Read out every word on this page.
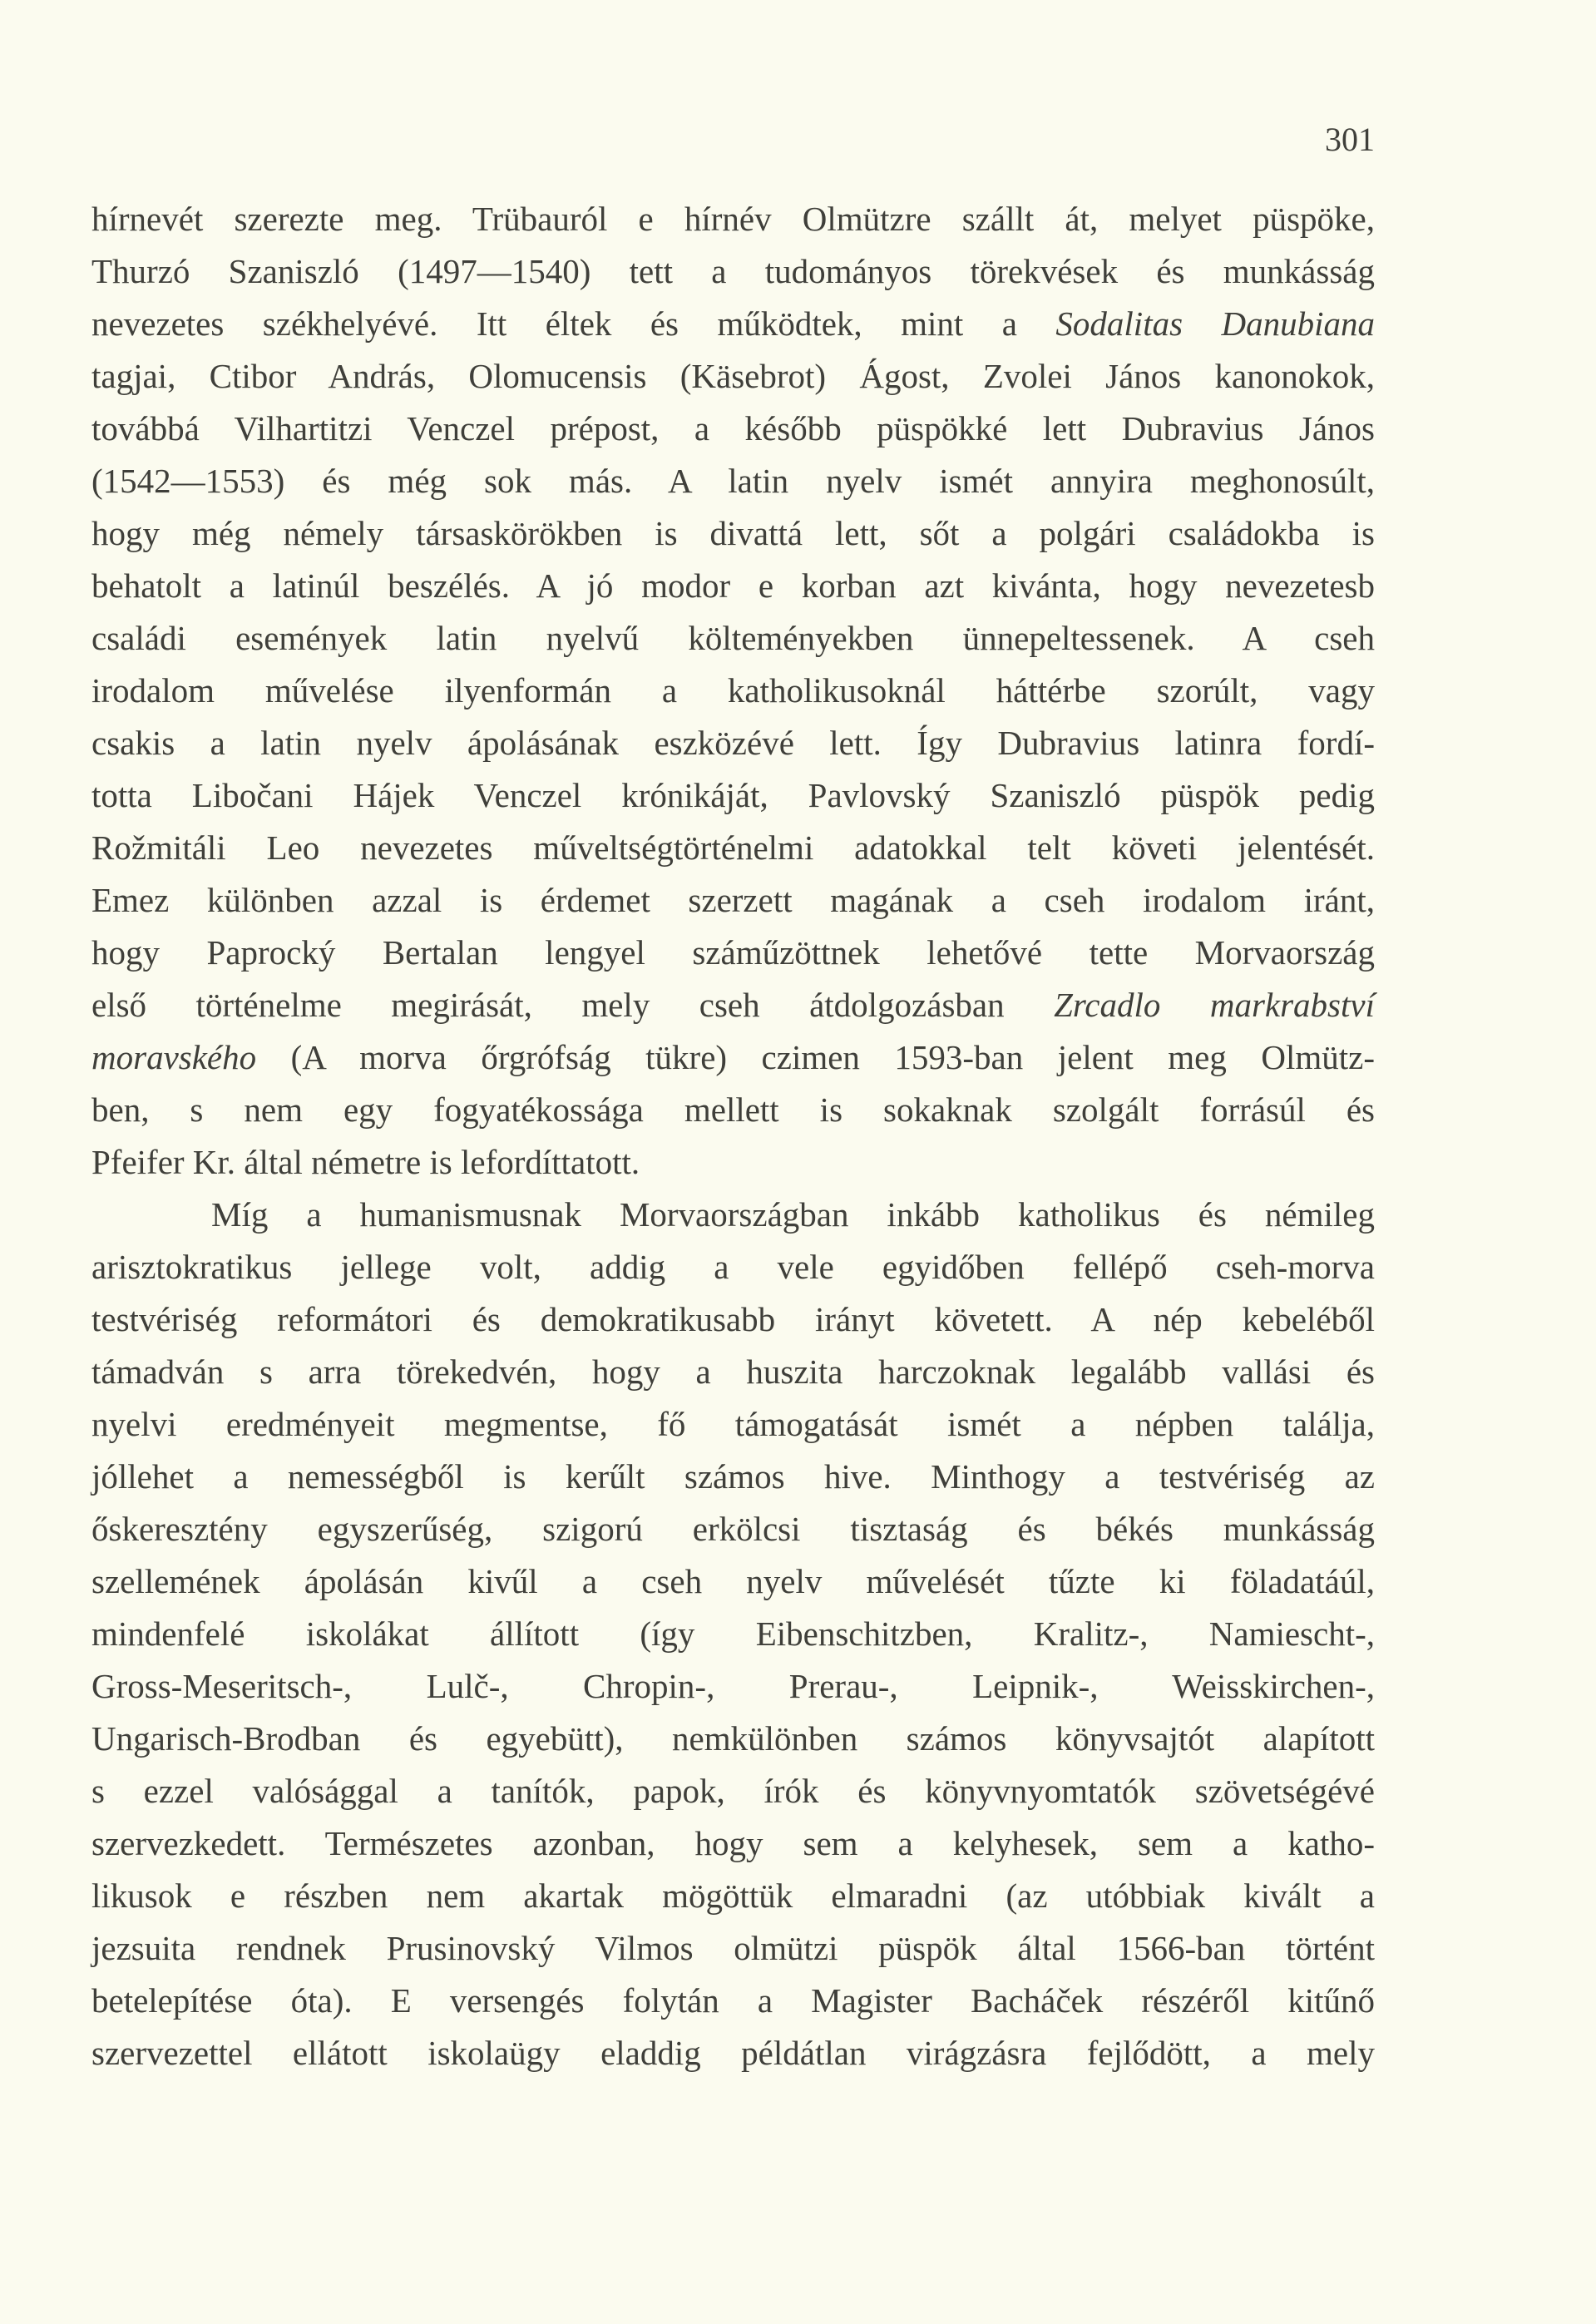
301
hírnevét szerezte meg. Trübauról e hírnév Olmützre szállt át, melyet püspöke,
Thurzó Szaniszló (1497—1540) tett a tudományos törekvések és munkásság
nevezetes székhelyévé. Itt éltek és működtek, mint a Sodalitas Danubiana
tagjai, Ctibor András, Olomucensis (Käsebrot) Ágost, Zvolei János kanonokok,
továbbá Vilhartitzi Venczel prépost, a később püspökké lett Dubravius János
(1542—1553) és még sok más. A latin nyelv ismét annyira meghonosúlt,
hogy még némely társaskörökben is divattá lett, sőt a polgári családokba is
behatolt a latinúl beszélés. A jó modor e korban azt kivánta, hogy nevezetesb
családi események latin nyelvű költeményekben ünnepeltessenek. A cseh
irodalom művelése ilyenformán a katholikusoknál háttérbe szorúlt, vagy
csakis a latin nyelv ápolásának eszközévé lett. Így Dubravius latinra fordí-
totta Libočani Hájek Venczel krónikáját, Pavlovský Szaniszló püspök pedig
Rožmitáli Leo nevezetes műveltségtörténelmi adatokkal telt követi jelentését.
Emez különben azzal is érdemet szerzett magának a cseh irodalom iránt,
hogy Paprocký Bertalan lengyel száműzöttnek lehetővé tette Morvaország
első történelme megirását, mely cseh átdolgozásban Zrcadlo markrabství
moravského (A morva őrgrófság tükre) czimen 1593-ban jelent meg Olmütz-
ben, s nem egy fogyatékossága mellett is sokaknak szolgált forrásúl és
Pfeifer Kr. által németre is lefordíttatott.
Míg a humanismusnak Morvaországban inkább katholikus és némileg
arisztokratikus jellege volt, addig a vele egyidőben fellépő cseh-morva
testvériség reformátori és demokratikusabb irányt követett. A nép kebeléből
támadván s arra törekedvén, hogy a huszita harczoknak legalább vallási és
nyelvi eredményeit megmentse, fő támogatását ismét a népben találja,
jóllehet a nemességből is kerűlt számos hive. Minthogy a testvériség az
őskeresztény egyszerűség, szigorú erkölcsi tisztaság és békés munkásság
szellemének ápolásán kivűl a cseh nyelv művelését tűzte ki föladatáúl,
mindenfelé iskolákat állított (így Eibenschitzben, Kralitz-, Namiescht-,
Gross-Meseritsch-, Lulč-, Chropin-, Prerau-, Leipnik-, Weisskirchen-,
Ungarisch-Brodban és egyebütt), nemkülönben számos könyvsajtót alapított
s ezzel valósággal a tanítók, papok, írók és könyvnyomtatók szövetségévé
szervezkedett. Természetes azonban, hogy sem a kelyhesek, sem a katho-
likusok e részben nem akartak mögöttük elmaradni (az utóbbiak kivált a
jezsuita rendnek Prusinovský Vilmos olmützi püspök által 1566-ban történt
betelepítése óta). E versengés folytán a Magister Bacháček részéről kitűnő
szervezettel ellátott iskolaügy eladdig példátlan virágzásra fejlődött, a mely
